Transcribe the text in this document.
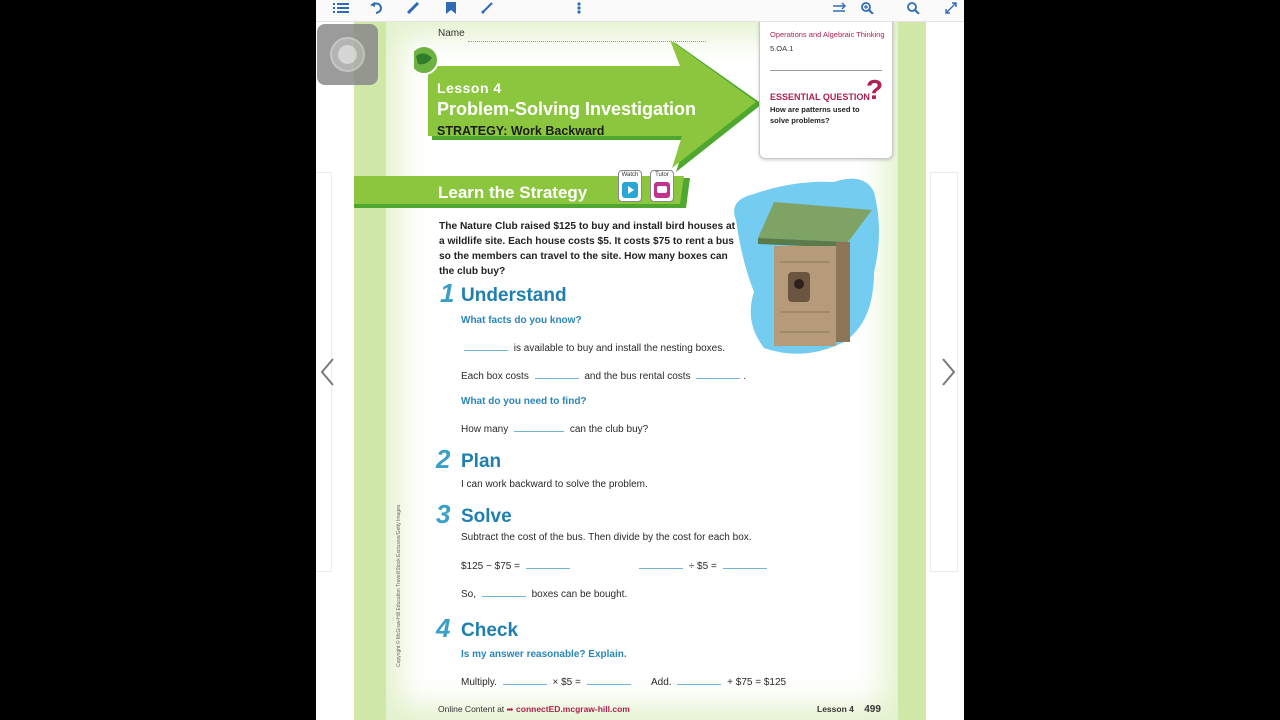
Name
Lesson 4
Problem-Solving Investigation
STRATEGY: Work Backward
Operations and Algebraic Thinking
5.OA.1
ESSENTIAL QUESTION
?
How are patterns used to solve problems?
Learn the Strategy
Watch	Tutor
The Nature Club raised $125 to buy and install bird houses at a wildlife site. Each house costs $5. It costs $75 to rent a bus so the members can travel to the site. How many boxes can the club buy?
1 Understand
What facts do you know?
is available to buy and install the nesting boxes.
Each box costs	and the bus rental costs	.
What do you need to find?
How many	can the club buy?
2 Plan
I can work backward to solve the problem.
3 Solve
Subtract the cost of the bus. Then divide by the cost for each box.
$125 − $75 =	÷ $5 =
So,	boxes can be bought.
4 Check
Is my answer reasonable? Explain.
Multiply.	× $5 =	Add.	+ $75 = $125
Copyright © McGraw-Hill Education Travel/iStock Exclusive/Getty Images
Online Content at ➦ connectED.mcgraw-hill.com	Lesson 4 499
